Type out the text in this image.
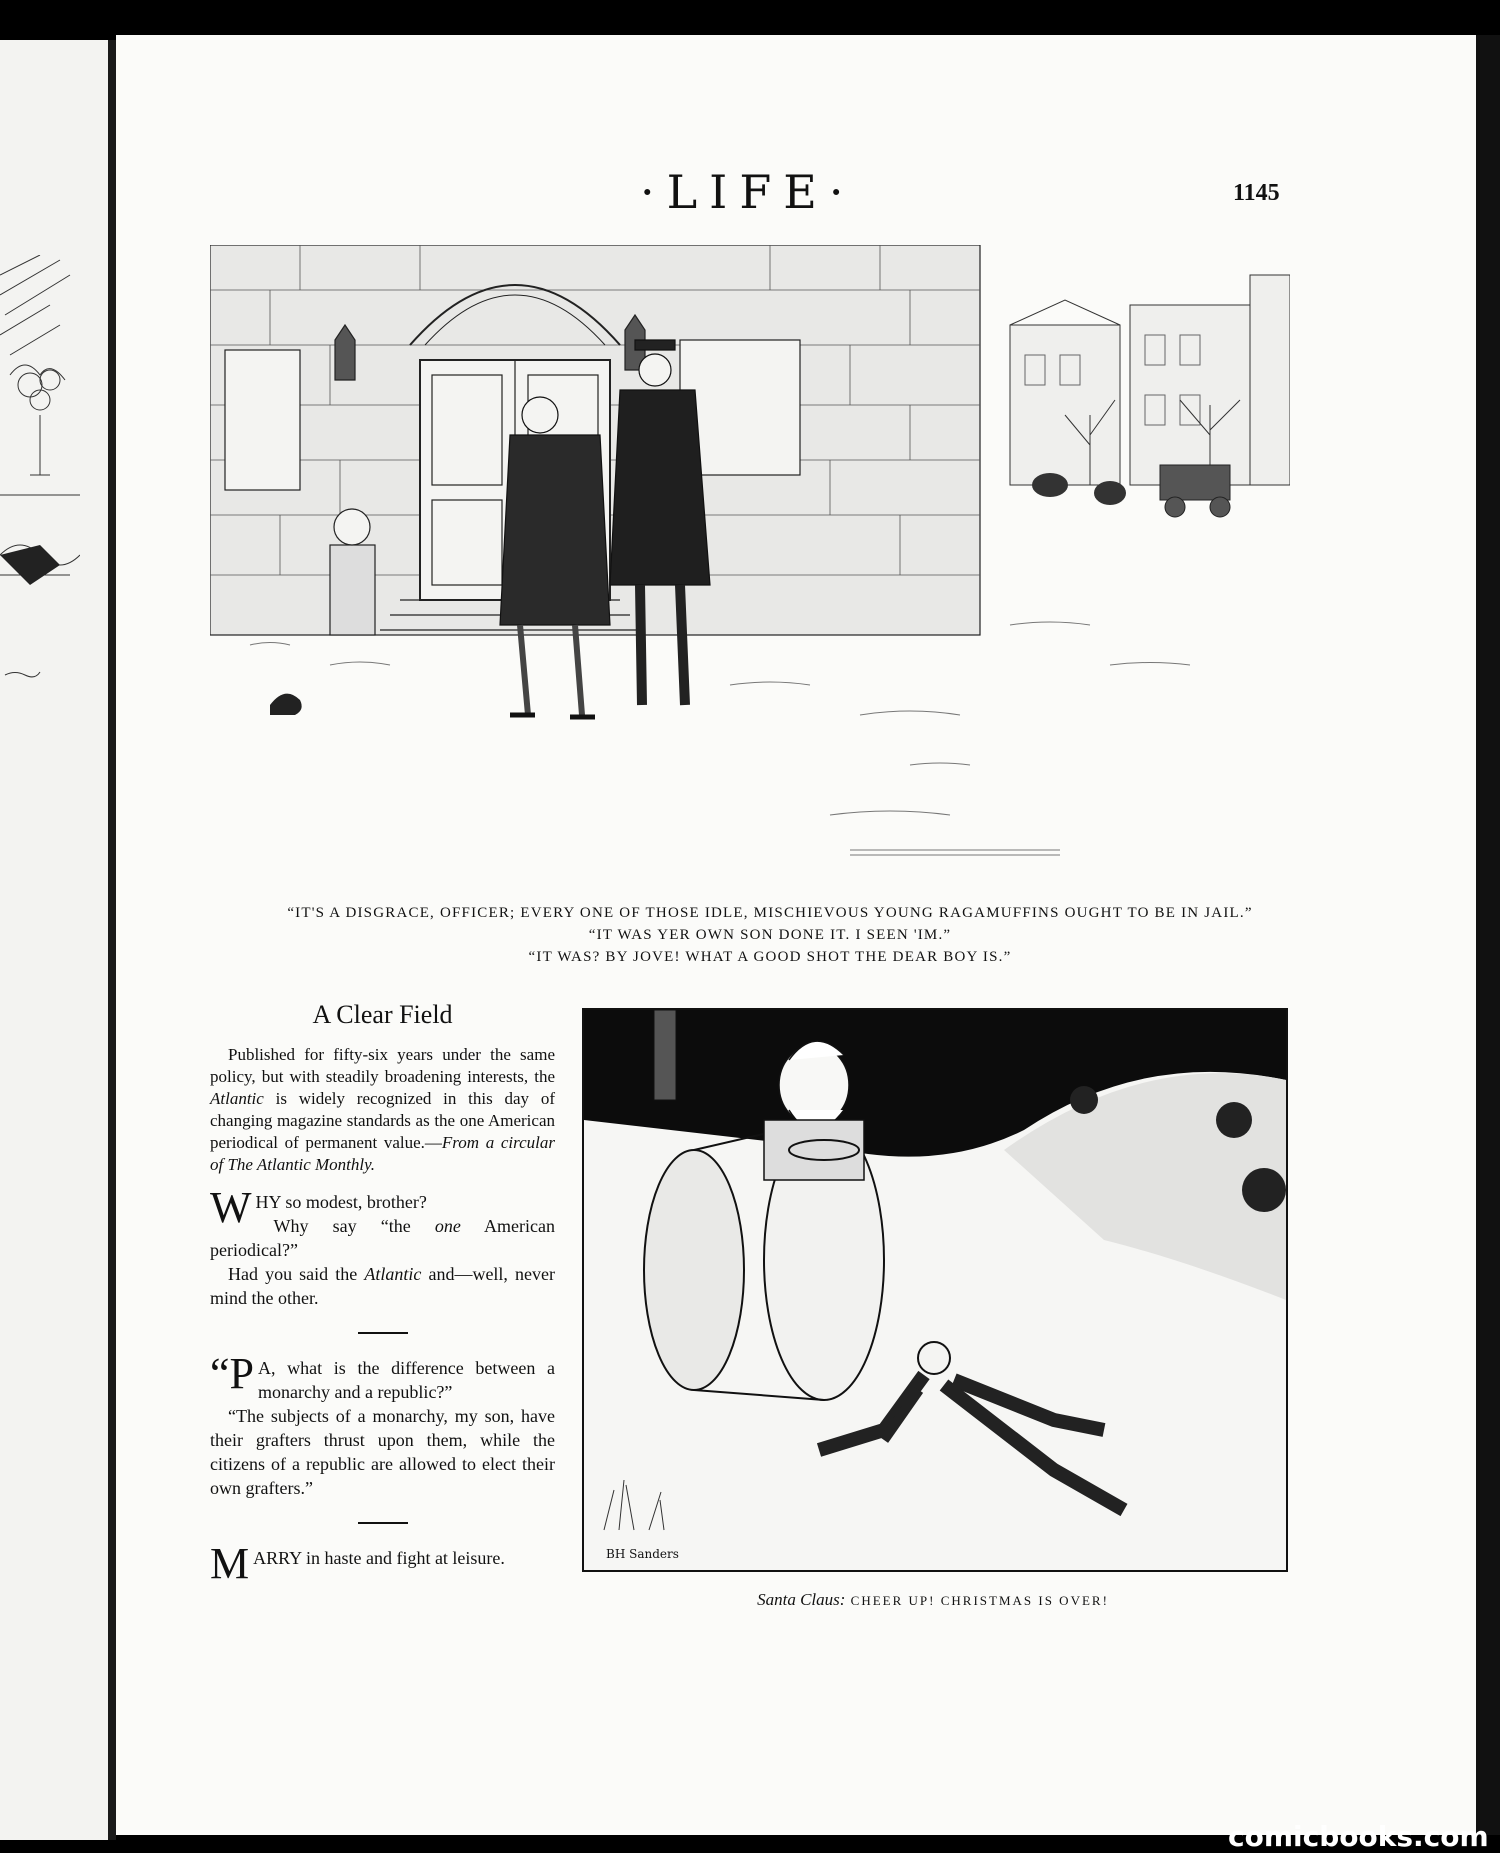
·LIFE·	1145
“IT'S A DISGRACE, OFFICER; EVERY ONE OF THOSE IDLE, MISCHIEVOUS YOUNG RAGAMUFFINS OUGHT TO BE IN JAIL.”
“IT WAS YER OWN SON DONE IT. I SEEN 'IM.”
“IT WAS? BY JOVE! WHAT A GOOD SHOT THE DEAR BOY IS.”
A Clear Field

Published for fifty-six years under the same policy, but with steadily broadening interests, the Atlantic is widely recognized in this day of changing magazine standards as the one American periodical of permanent value.—From a circular of The Atlantic Monthly.

WHY so modest, brother?

Why say “the one American periodical?”

Had you said the Atlantic and—well, never mind the other.

“P A, what is the difference between a monarchy and a republic?”

“The subjects of a monarchy, my son, have their grafters thrust upon them, while the citizens of a republic are allowed to elect their own grafters.”

MARRY in haste and fight at leisure.	BH Sanders
Santa Claus: CHEER UP! CHRISTMAS IS OVER!
comicbooks.com
